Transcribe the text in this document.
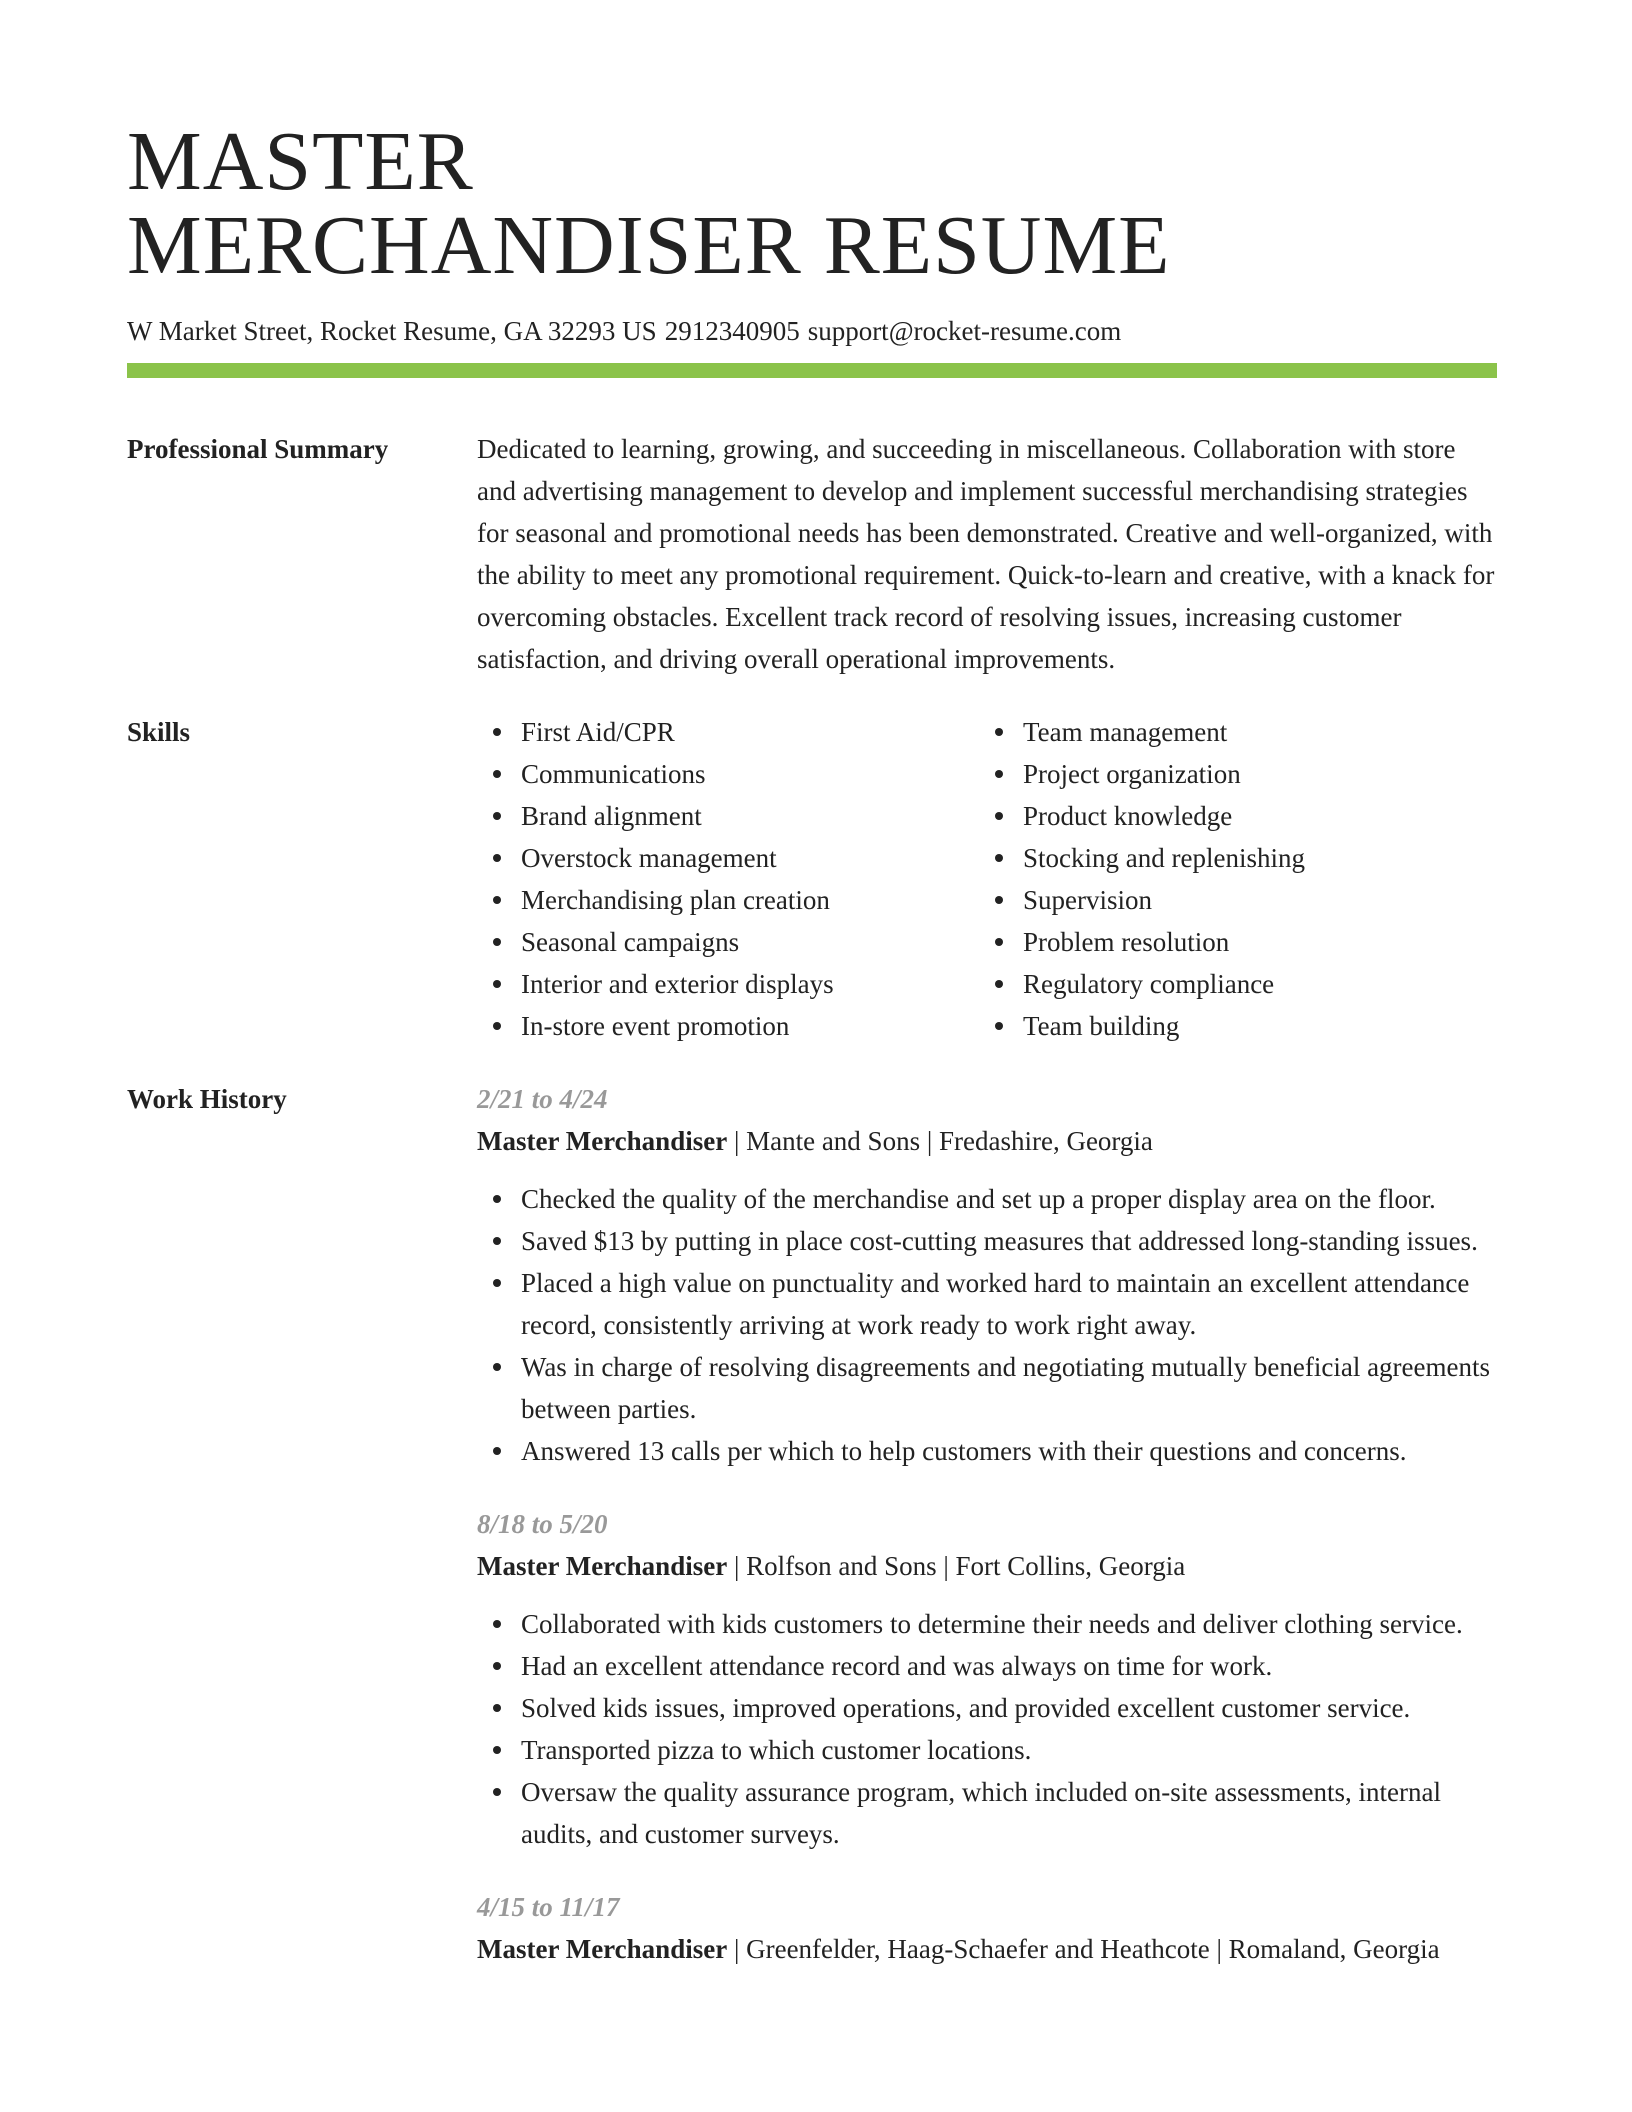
MASTER
MERCHANDISER RESUME
W Market Street, Rocket Resume, GA 32293 US 2912340905 support@rocket-resume.com
Professional Summary	Dedicated to learning, growing, and succeeding in miscellaneous. Collaboration with store and advertising management to develop and implement successful merchandising strategies for seasonal and promotional needs has been demonstrated. Creative and well-organized, with the ability to meet any promotional requirement. Quick-to-learn and creative, with a knack for overcoming obstacles. Excellent track record of resolving issues, increasing customer satisfaction, and driving overall operational improvements.
Skills	First Aid/CPR
Communications
Brand alignment
Overstock management
Merchandising plan creation
Seasonal campaigns
Interior and exterior displays
In-store event promotion
Team management
Project organization
Product knowledge
Stocking and replenishing
Supervision
Problem resolution
Regulatory compliance
Team building
Work History	2/21 to 4/24
Master Merchandiser | Mante and Sons | Fredashire, Georgia
Checked the quality of the merchandise and set up a proper display area on the floor.
Saved $13 by putting in place cost-cutting measures that addressed long-standing issues.
Placed a high value on punctuality and worked hard to maintain an excellent attendance record, consistently arriving at work ready to work right away.
Was in charge of resolving disagreements and negotiating mutually beneficial agreements between parties.
Answered 13 calls per which to help customers with their questions and concerns.
8/18 to 5/20
Master Merchandiser | Rolfson and Sons | Fort Collins, Georgia
Collaborated with kids customers to determine their needs and deliver clothing service.
Had an excellent attendance record and was always on time for work.
Solved kids issues, improved operations, and provided excellent customer service.
Transported pizza to which customer locations.
Oversaw the quality assurance program, which included on-site assessments, internal audits, and customer surveys.
4/15 to 11/17
Master Merchandiser | Greenfelder, Haag-Schaefer and Heathcote | Romaland, Georgia
